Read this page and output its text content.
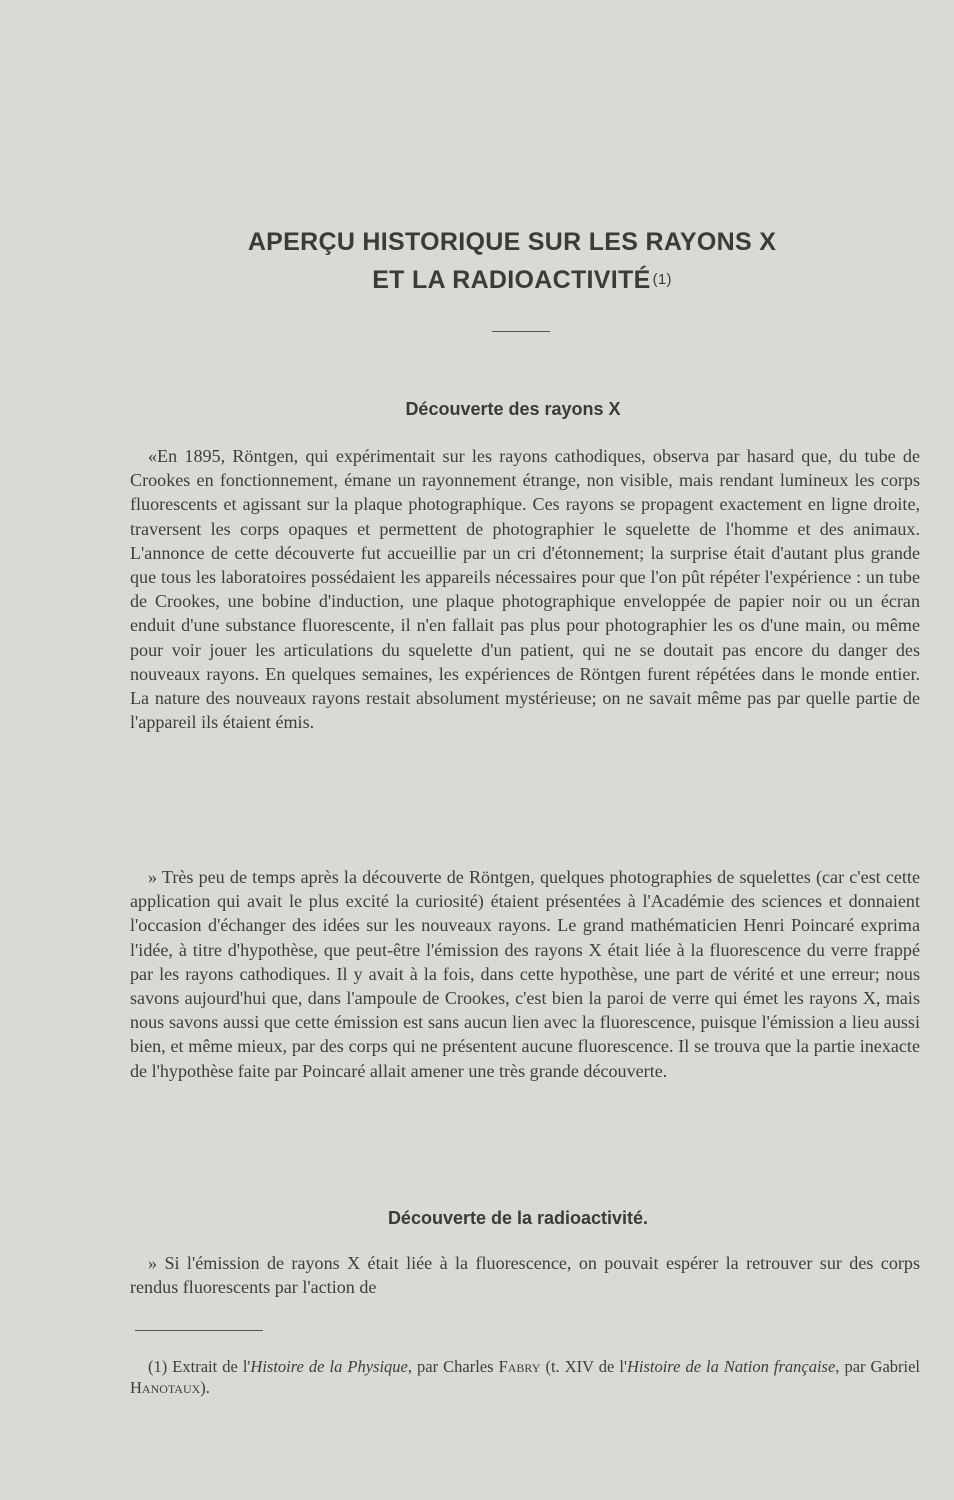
APERÇU HISTORIQUE SUR LES RAYONS X
ET LA RADIOACTIVITÉ (1)
Découverte des rayons X

«En 1895, Röntgen, qui expérimentait sur les rayons cathodiques, observa par hasard que, du tube de Crookes en fonctionnement, émane un rayonnement étrange, non visible, mais rendant lumineux les corps fluorescents et agissant sur la plaque photographique. Ces rayons se propagent exactement en ligne droite, traversent les corps opaques et permettent de photographier le squelette de l'homme et des animaux. L'annonce de cette découverte fut accueillie par un cri d'étonnement; la surprise était d'autant plus grande que tous les laboratoires possédaient les appareils nécessaires pour que l'on pût répéter l'expérience : un tube de Crookes, une bobine d'induction, une plaque photographique enveloppée de papier noir ou un écran enduit d'une substance fluorescente, il n'en fallait pas plus pour photographier les os d'une main, ou même pour voir jouer les articulations du squelette d'un patient, qui ne se doutait pas encore du danger des nouveaux rayons. En quelques semaines, les expériences de Röntgen furent répétées dans le monde entier. La nature des nouveaux rayons restait absolument mystérieuse; on ne savait même pas par quelle partie de l'appareil ils étaient émis.

» Très peu de temps après la découverte de Röntgen, quelques photographies de squelettes (car c'est cette application qui avait le plus excité la curiosité) étaient présentées à l'Académie des sciences et donnaient l'occasion d'échanger des idées sur les nouveaux rayons. Le grand mathématicien Henri Poincaré exprima l'idée, à titre d'hypothèse, que peut-être l'émission des rayons X était liée à la fluorescence du verre frappé par les rayons cathodiques. Il y avait à la fois, dans cette hypothèse, une part de vérité et une erreur; nous savons aujourd'hui que, dans l'ampoule de Crookes, c'est bien la paroi de verre qui émet les rayons X, mais nous savons aussi que cette émission est sans aucun lien avec la fluorescence, puisque l'émission a lieu aussi bien, et même mieux, par des corps qui ne présentent aucune fluorescence. Il se trouva que la partie inexacte de l'hypothèse faite par Poincaré allait amener une très grande découverte.

Découverte de la radioactivité.

» Si l'émission de rayons X était liée à la fluorescence, on pouvait espérer la retrouver sur des corps rendus fluorescents par l'action de

(1) Extrait de l'Histoire de la Physique, par Charles Fabry (t. XIV de l'Histoire de la Nation française, par Gabriel Hanotaux).
